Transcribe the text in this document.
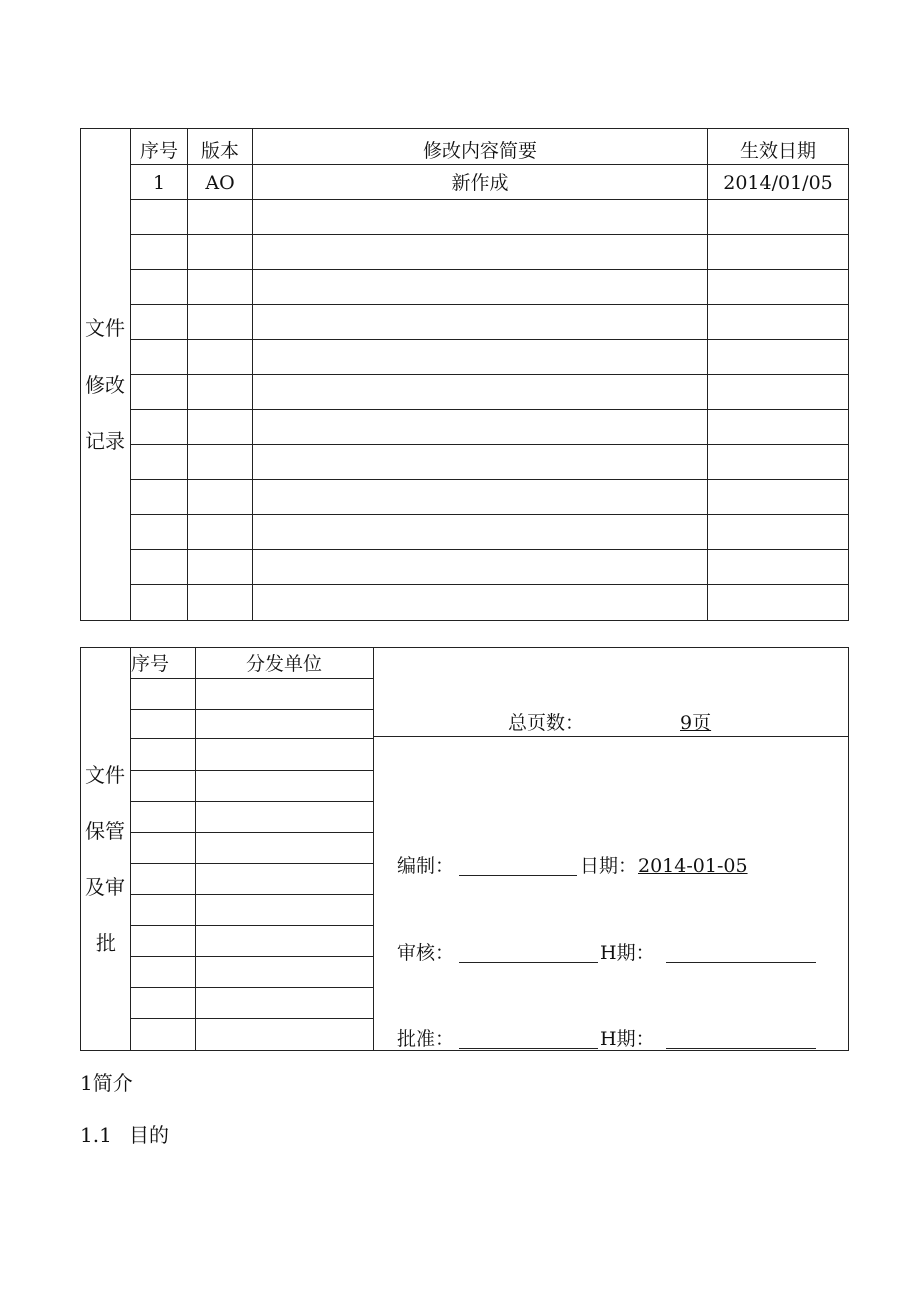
文件
修改
记录
序号	版本	修改内容简要	生效日期
1	AO	新作成	2014/01/05
文件
保管
及审
批
序号	分发单位
总页数：	9页
编制：	日期： 2014-01-05
审核：	H期：
批准：	H期：
1简介
1.1 目的
